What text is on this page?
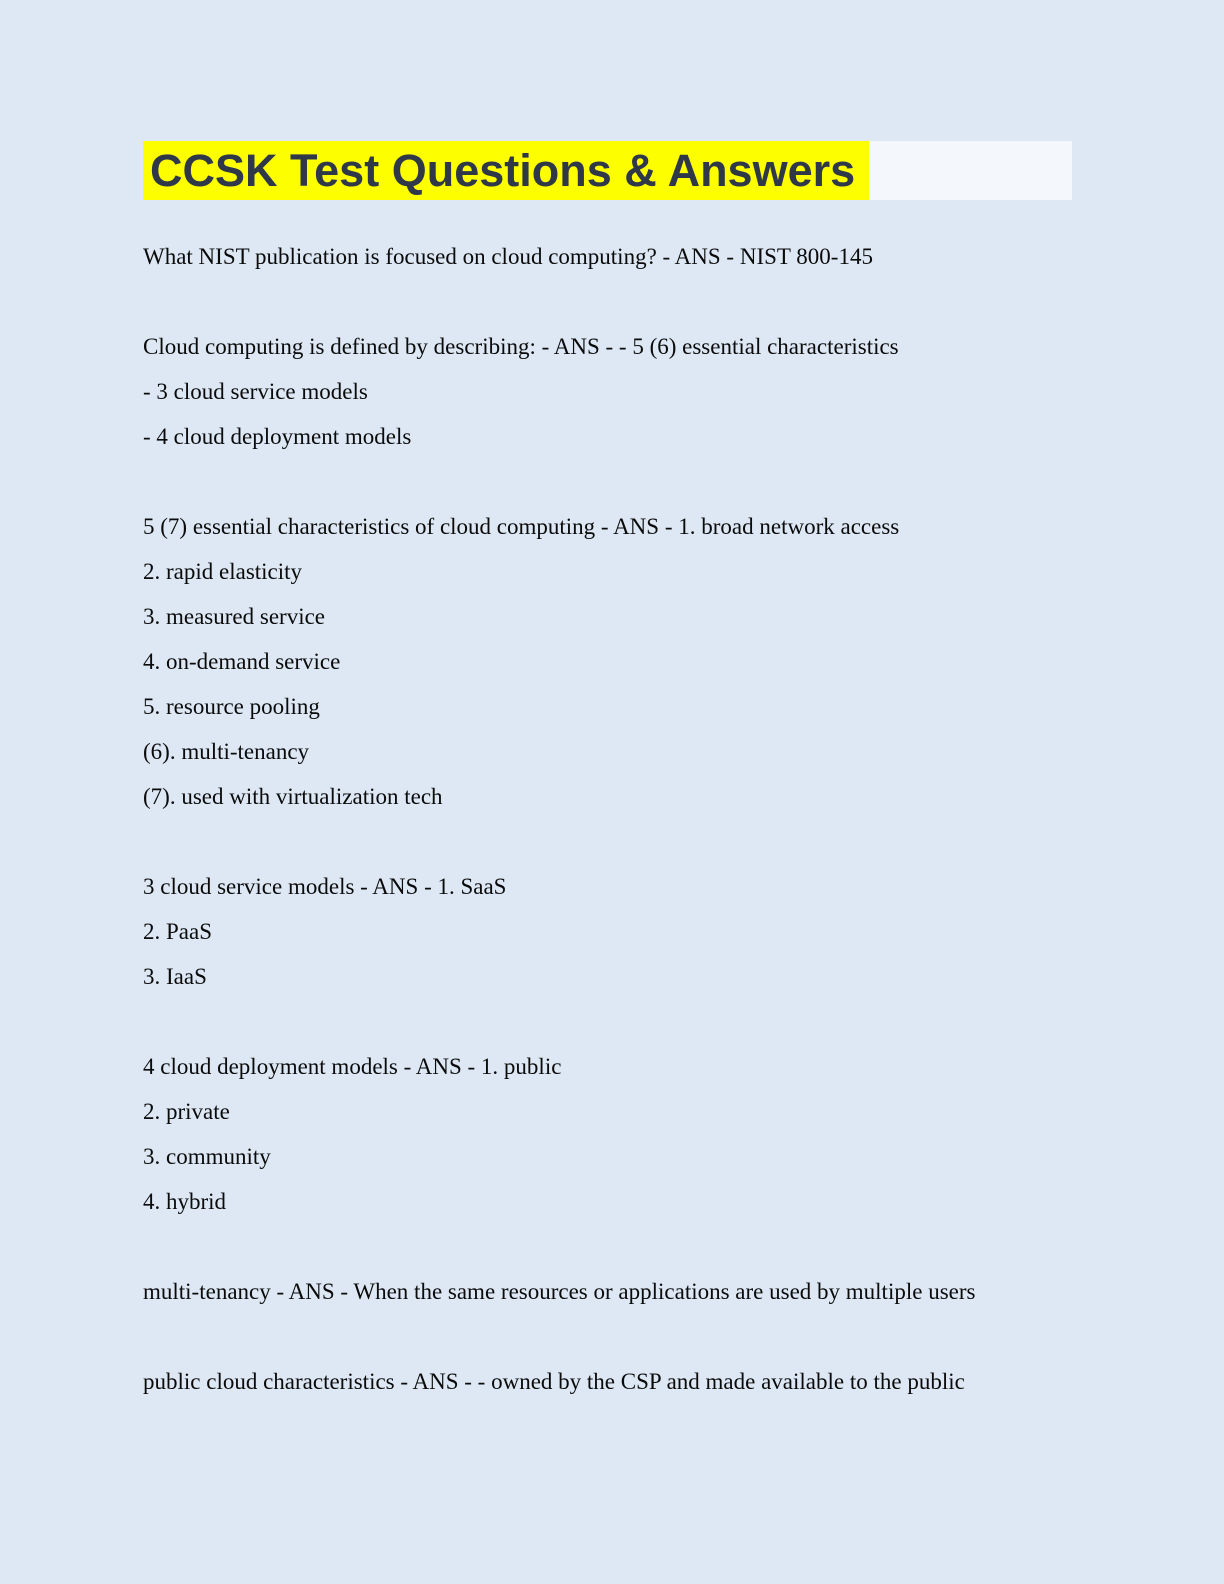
CCSK Test Questions & Answers

What NIST publication is focused on cloud computing? - ANS - NIST 800-145

Cloud computing is defined by describing: - ANS - - 5 (6) essential characteristics

- 3 cloud service models

- 4 cloud deployment models

5 (7) essential characteristics of cloud computing - ANS - 1. broad network access

2. rapid elasticity

3. measured service

4. on-demand service

5. resource pooling

(6). multi-tenancy

(7). used with virtualization tech

3 cloud service models - ANS - 1. SaaS

2. PaaS

3. IaaS

4 cloud deployment models - ANS - 1. public

2. private

3. community

4. hybrid

multi-tenancy - ANS - When the same resources or applications are used by multiple users

public cloud characteristics - ANS - - owned by the CSP and made available to the public
